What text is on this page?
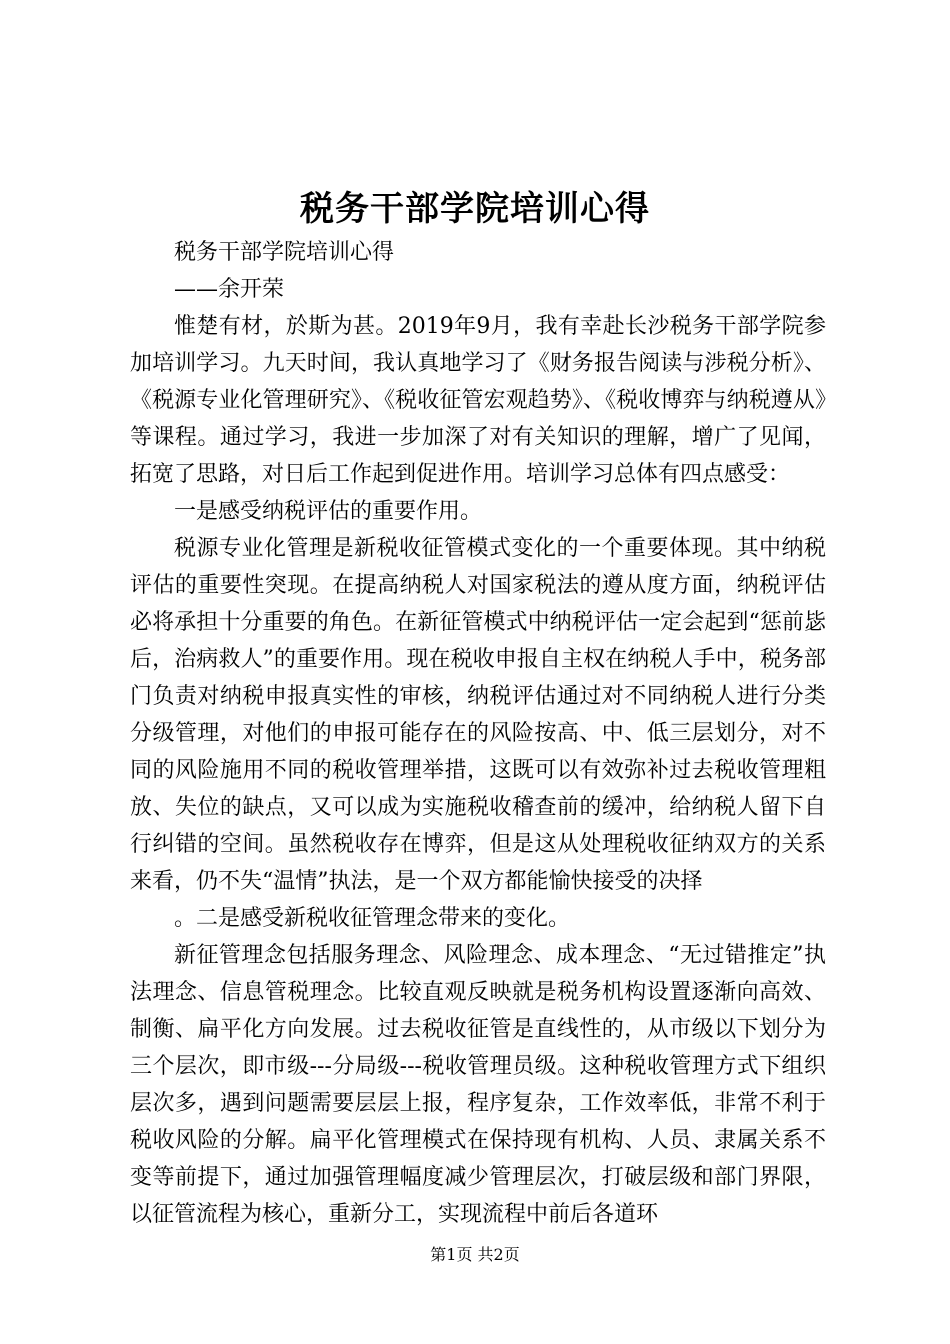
税务干部学院培训心得

税务干部学院培训心得

——余开荣

惟楚有材，於斯为甚。2019年9月，我有幸赴长沙税务干部学院参加培训学习。九天时间，我认真地学习了《财务报告阅读与涉税分析》、《税源专业化管理研究》、《税收征管宏观趋势》、《税收博弈与纳税遵从》等课程。通过学习，我进一步加深了对有关知识的理解，增广了见闻，拓宽了思路，对日后工作起到促进作用。培训学习总体有四点感受：

一是感受纳税评估的重要作用。

税源专业化管理是新税收征管模式变化的一个重要体现。其中纳税评估的重要性突现。在提高纳税人对国家税法的遵从度方面，纳税评估必将承担十分重要的角色。在新征管模式中纳税评估一定会起到“惩前毖后，治病救人”的重要作用。现在税收申报自主权在纳税人手中，税务部门负责对纳税申报真实性的审核，纳税评估通过对不同纳税人进行分类分级管理，对他们的申报可能存在的风险按高、中、低三层划分，对不同的风险施用不同的税收管理举措，这既可以有效弥补过去税收管理粗放、失位的缺点，又可以成为实施税收稽查前的缓冲，给纳税人留下自行纠错的空间。虽然税收存在博弈，但是这从处理税收征纳双方的关系来看，仍不失“温情”执法，是一个双方都能愉快接受的决择

。二是感受新税收征管理念带来的变化。

新征管理念包括服务理念、风险理念、成本理念、“无过错推定”执法理念、信息管税理念。比较直观反映就是税务机构设置逐渐向高效、制衡、扁平化方向发展。过去税收征管是直线性的，从市级以下划分为三个层次，即市级---分局级---税收管理员级。这种税收管理方式下组织层次多，遇到问题需要层层上报，程序复杂，工作效率低，非常不利于税收风险的分解。扁平化管理模式在保持现有机构、人员、隶属关系不变等前提下，通过加强管理幅度减少管理层次，打破层级和部门界限，以征管流程为核心，重新分工，实现流程中前后各道环

第1页 共2页
